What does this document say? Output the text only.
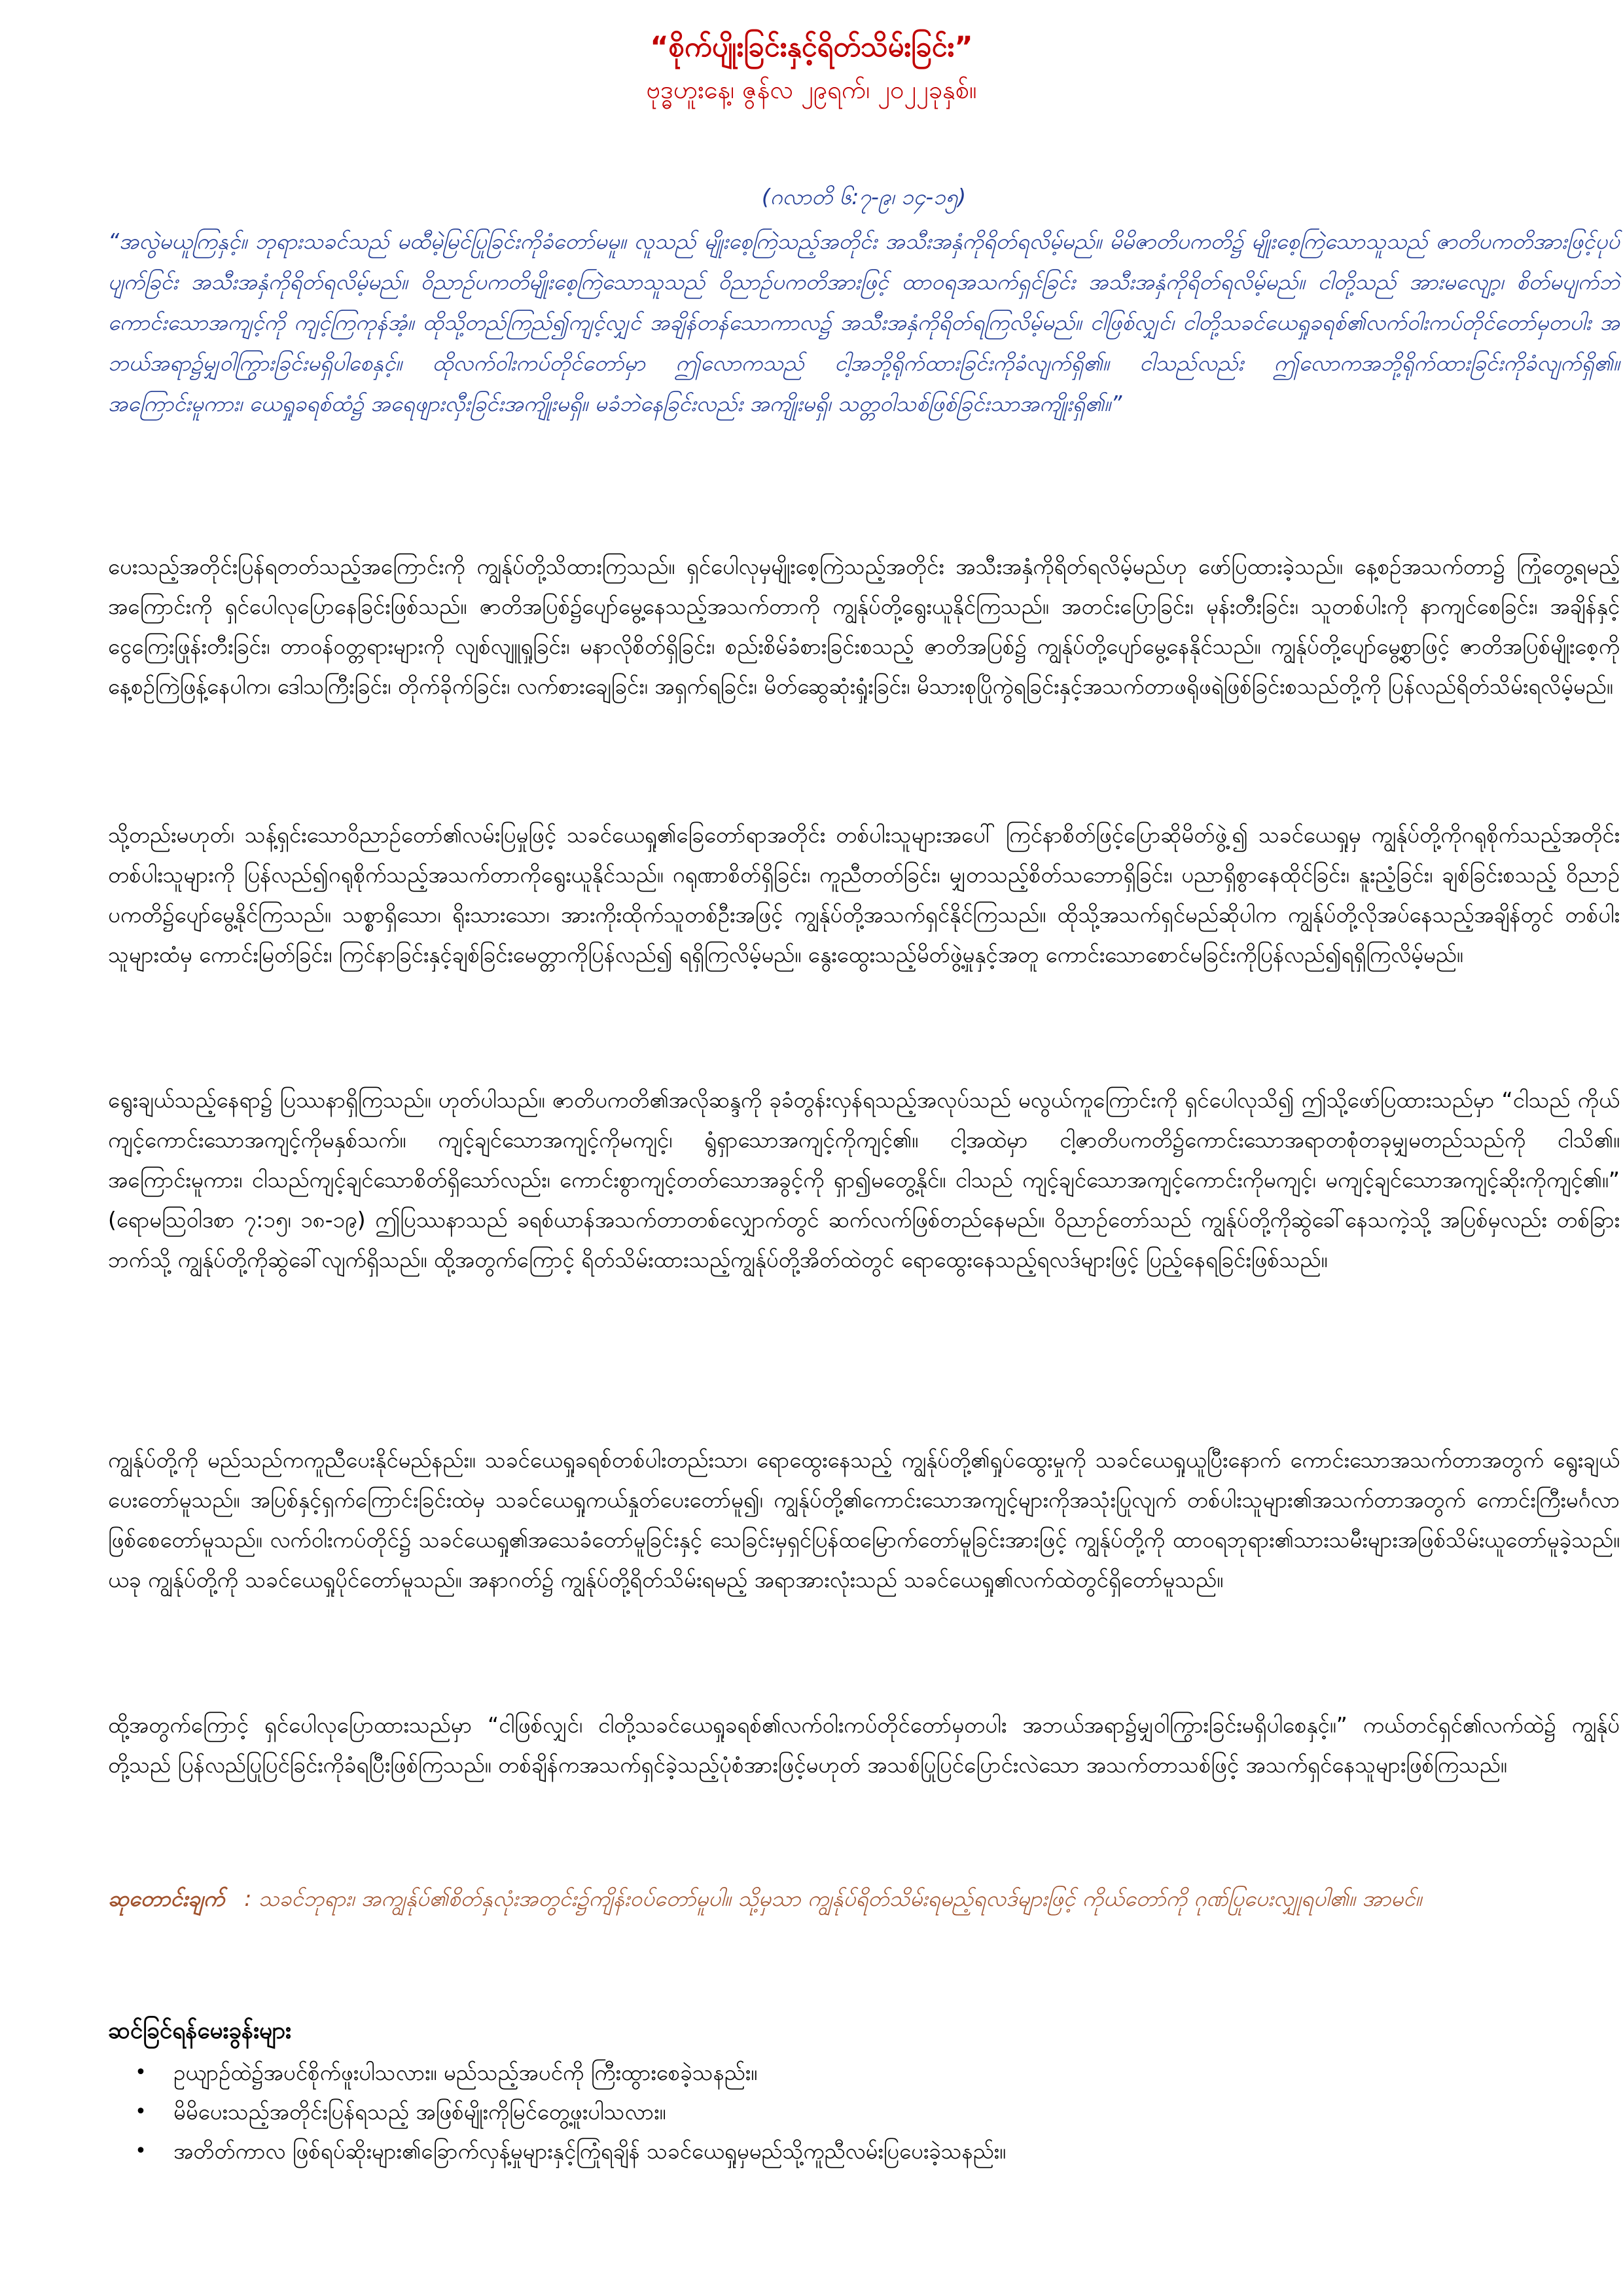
“စိုက်ပျိုးခြင်းနှင့်ရိတ်သိမ်းခြင်း”
ဗုဒ္ဓဟူးနေ့၊ ဇွန်လ ၂၉ရက်၊ ၂၀၂၂ခုနှစ်။
(ဂလာတိ ၆:၇-၉၊ ၁၄-၁၅)
“အလွဲမယူကြနှင့်။ ဘုရားသခင်သည် မထီမဲ့မြင်ပြုခြင်းကိုခံတော်မမူ။ လူသည် မျိုးစေ့ကြဲသည့်အတိုင်း အသီးအနှံကိုရိတ်ရလိမ့်မည်။ မိမိဇာတိပကတိ၌ မျိုးစေ့ကြဲသောသူသည် ဇာတိပကတိအားဖြင့်ပုပ်ပျက်ခြင်း အသီးအနှံကိုရိတ်ရလိမ့်မည်။ ဝိညာဉ်ပကတိမျိုးစေ့ကြဲသောသူသည် ဝိညာဉ်ပကတိအားဖြင့် ထာဝရအသက်ရှင်ခြင်း အသီးအနှံကိုရိတ်ရလိမ့်မည်။ ငါတို့သည် အားမလျော့၊ စိတ်မပျက်ဘဲကောင်းသောအကျင့်ကို ကျင့်ကြကုန်အံ့။ ထိုသို့တည်ကြည်၍ကျင့်လျှင် အချိန်တန်သောကာလ၌ အသီးအနှံကိုရိတ်ရကြလိမ့်မည်။ ငါဖြစ်လျှင်၊ ငါတို့သခင်ယေရှုခရစ်၏လက်ဝါးကပ်တိုင်တော်မှတပါး အဘယ်အရာ၌မျှဝါကြွားခြင်းမရှိပါစေနှင့်။ ထိုလက်ဝါးကပ်တိုင်တော်မှာ ဤလောကသည် ငါ့အဘို့ရိုက်ထားခြင်းကိုခံလျက်ရှိ၏။ ငါသည်လည်း ဤလောကအဘို့ရိုက်ထားခြင်းကိုခံလျက်ရှိ၏။ အကြောင်းမူကား၊ ယေရှုခရစ်ထံ၌ အရေဖျားလှီးခြင်းအကျိုးမရှိ။ မခံဘဲနေခြင်းလည်း အကျိုးမရှိ၊ သတ္တဝါသစ်ဖြစ်ခြင်းသာအကျိုးရှိ၏။”
ပေးသည့်အတိုင်းပြန်ရတတ်သည့်အကြောင်းကို ကျွန်ုပ်တို့သိထားကြသည်။ ရှင်ပေါလုမှမျိုးစေ့ကြဲသည့်အတိုင်း အသီးအနှံကိုရိတ်ရလိမ့်မည်ဟု ဖော်ပြထားခဲ့သည်။ နေ့စဉ်အသက်တာ၌ ကြုံတွေ့ရမည့်အကြောင်းကို ရှင်ပေါလုပြောနေခြင်းဖြစ်သည်။ ဇာတိအပြစ်၌ပျော်မွေ့နေသည့်အသက်တာကို ကျွန်ုပ်တို့ရွေးယူနိုင်ကြသည်။ အတင်းပြောခြင်း၊ မုန်းတီးခြင်း၊ သူတစ်ပါးကို နာကျင်စေခြင်း၊ အချိန်နှင့်ငွေကြေးဖြုန်းတီးခြင်း၊ တာဝန်ဝတ္တရားများကို လျစ်လျူရှုခြင်း၊ မနာလိုစိတ်ရှိခြင်း၊ စည်းစိမ်ခံစားခြင်းစသည့် ဇာတိအပြစ်၌ ကျွန်ုပ်တို့ပျော်မွေ့နေနိုင်သည်။ ကျွန်ုပ်တို့ပျော်မွေ့စွာဖြင့် ဇာတိအပြစ်မျိုးစေ့ကိုနေ့စဉ်ကြဲဖြန့်နေပါက၊ ဒေါသကြီးခြင်း၊ တိုက်ခိုက်ခြင်း၊ လက်စားချေခြင်း၊ အရှက်ရခြင်း၊ မိတ်ဆွေဆုံးရှုံးခြင်း၊ မိသားစုပြိုကွဲရခြင်းနှင့်အသက်တာဖရိုဖရဲဖြစ်ခြင်းစသည်တို့ကို ပြန်လည်ရိတ်သိမ်းရလိမ့်မည်။
သို့တည်းမဟုတ်၊ သန့်ရှင်းသောဝိညာဉ်တော်၏လမ်းပြမှုဖြင့် သခင်ယေရှု၏ခြေတော်ရာအတိုင်း တစ်ပါးသူများအပေါ် ကြင်နာစိတ်ဖြင့်ပြောဆိုမိတ်ဖွဲ့၍ သခင်ယေရှုမှ ကျွန်ုပ်တို့ကိုဂရုစိုက်သည့်အတိုင်း တစ်ပါးသူများကို ပြန်လည်၍ဂရုစိုက်သည့်အသက်တာကိုရွေးယူနိုင်သည်။ ဂရုဏာစိတ်ရှိခြင်း၊ ကူညီတတ်ခြင်း၊ မျှတသည့်စိတ်သဘောရှိခြင်း၊ ပညာရှိစွာနေထိုင်ခြင်း၊ နူးညံ့ခြင်း၊ ချစ်ခြင်းစသည့် ဝိညာဉ်ပကတိ၌ပျော်မွေ့နိုင်ကြသည်။ သစ္စာရှိသော၊ ရိုးသားသော၊ အားကိုးထိုက်သူတစ်ဦးအဖြင့် ကျွန်ုပ်တို့အသက်ရှင်နိုင်ကြသည်။ ထိုသို့အသက်ရှင်မည်ဆိုပါက ကျွန်ုပ်တို့လိုအပ်နေသည့်အချိန်တွင် တစ်ပါးသူများထံမှ ကောင်းမြတ်ခြင်း၊ ကြင်နာခြင်းနှင့်ချစ်ခြင်းမေတ္တာကိုပြန်လည်၍ ရရှိကြလိမ့်မည်။ နွေးထွေးသည့်မိတ်ဖွဲ့မှုနှင့်အတူ ကောင်းသောစောင်မခြင်းကိုပြန်လည်၍ရရှိကြလိမ့်မည်။
ရွေးချယ်သည့်နေရာ၌ ပြဿနာရှိကြသည်။ ဟုတ်ပါသည်။ ဇာတိပကတိ၏အလိုဆန္ဒကို ခုခံတွန်းလှန်ရသည့်အလုပ်သည် မလွယ်ကူကြောင်းကို ရှင်ပေါလုသိ၍ ဤသို့ဖော်ပြထားသည်မှာ “ငါသည် ကိုယ်ကျင့်ကောင်းသောအကျင့်ကိုမနှစ်သက်။ ကျင့်ချင်သောအကျင့်ကိုမကျင့်၊ ရွံရှာသောအကျင့်ကိုကျင့်၏။ ငါ့အထဲမှာ ငါ့ဇာတိပကတိ၌ကောင်းသောအရာတစုံတခုမျှမတည်သည်ကို ငါသိ၏။ အကြောင်းမူကား၊ ငါသည်ကျင့်ချင်သောစိတ်ရှိသော်လည်း၊ ကောင်းစွာကျင့်တတ်သောအခွင့်ကို ရှာ၍မတွေ့နိုင်။ ငါသည် ကျင့်ချင်သောအကျင့်ကောင်းကိုမကျင့်၊ မကျင့်ချင်သောအကျင့်ဆိုးကိုကျင့်၏။” (ရောမဩဝါဒစာ ၇:၁၅၊ ၁၈-၁၉) ဤပြဿနာသည် ခရစ်ယာန်အသက်တာတစ်လျှောက်တွင် ဆက်လက်ဖြစ်တည်နေမည်။ ဝိညာဉ်တော်သည် ကျွန်ုပ်တို့ကိုဆွဲခေါ်နေသကဲ့သို့ အပြစ်မှလည်း တစ်ခြားဘက်သို့ ကျွန်ုပ်တို့ကိုဆွဲခေါ်လျက်ရှိသည်။ ထို့အတွက်ကြောင့် ရိတ်သိမ်းထားသည့်ကျွန်ုပ်တို့အိတ်ထဲတွင် ရောထွေးနေသည့်ရလဒ်များဖြင့် ပြည့်နေရခြင်းဖြစ်သည်။
ကျွန်ုပ်တို့ကို မည်သည်ကကူညီပေးနိုင်မည်နည်း။ သခင်ယေရှုခရစ်တစ်ပါးတည်းသာ၊ ရောထွေးနေသည့် ကျွန်ုပ်တို့၏ရှုပ်ထွေးမှုကို သခင်ယေရှုယူပြီးနောက် ကောင်းသောအသက်တာအတွက် ရွေးချယ်ပေးတော်မူသည်။ အပြစ်နှင့်ရှက်ကြောင်းခြင်းထဲမှ သခင်ယေရှုကယ်နှုတ်ပေးတော်မူ၍၊ ကျွန်ုပ်တို့၏ကောင်းသောအကျင့်များကိုအသုံးပြုလျက် တစ်ပါးသူများ၏အသက်တာအတွက် ကောင်းကြီးမင်္ဂလာဖြစ်စေတော်မူသည်။ လက်ဝါးကပ်တိုင်၌ သခင်ယေရှု၏အသေခံတော်မူခြင်းနှင့် သေခြင်းမှရှင်ပြန်ထမြောက်တော်မူခြင်းအားဖြင့် ကျွန်ုပ်တို့ကို ထာဝရဘုရား၏သားသမီးများအဖြစ်သိမ်းယူတော်မူခဲ့သည်။ ယခု ကျွန်ုပ်တို့ကို သခင်ယေရှုပိုင်တော်မူသည်။ အနာဂတ်၌ ကျွန်ုပ်တို့ရိတ်သိမ်းရမည့် အရာအားလုံးသည် သခင်ယေရှု၏လက်ထဲတွင်ရှိတော်မူသည်။
ထို့အတွက်ကြောင့် ရှင်ပေါလုပြောထားသည်မှာ “ငါဖြစ်လျှင်၊ ငါတို့သခင်ယေရှုခရစ်၏လက်ဝါးကပ်တိုင်တော်မှတပါး အဘယ်အရာ၌မျှဝါကြွားခြင်းမရှိပါစေနှင့်။” ကယ်တင်ရှင်၏လက်ထဲ၌ ကျွန်ုပ်တို့သည် ပြန်လည်ပြုပြင်ခြင်းကိုခံရပြီးဖြစ်ကြသည်။ တစ်ချိန်ကအသက်ရှင်ခဲ့သည့်ပုံစံအားဖြင့်မဟုတ် အသစ်ပြုပြင်ပြောင်းလဲသော အသက်တာသစ်ဖြင့် အသက်ရှင်နေသူများဖြစ်ကြသည်။
ဆုတောင်းချက် : သခင်ဘုရား၊ အကျွန်ုပ်၏စိတ်နှလုံးအတွင်း၌ကျိန်းဝပ်တော်မူပါ။ သို့မှသာ ကျွန်ုပ်ရိတ်သိမ်းရမည့်ရလဒ်များဖြင့် ကိုယ်တော်ကို ဂုဏ်ပြုပေးလျှုရပါ၏။ အာမင်။
ဆင်ခြင်ရန်မေးခွန်းများ
•	ဥယျာဉ်ထဲ၌အပင်စိုက်ဖူးပါသလား။ မည်သည့်အပင်ကို ကြီးထွားစေခဲ့သနည်း။
•	မိမိပေးသည့်အတိုင်းပြန်ရသည့် အဖြစ်မျိုးကိုမြင်တွေ့ဖူးပါသလား။
•	အတိတ်ကာလ ဖြစ်ရပ်ဆိုးများ၏ခြောက်လှန့်မှုများနှင့်ကြုံရချိန် သခင်ယေရှုမှမည်သို့ကူညီလမ်းပြပေးခဲ့သနည်း။
